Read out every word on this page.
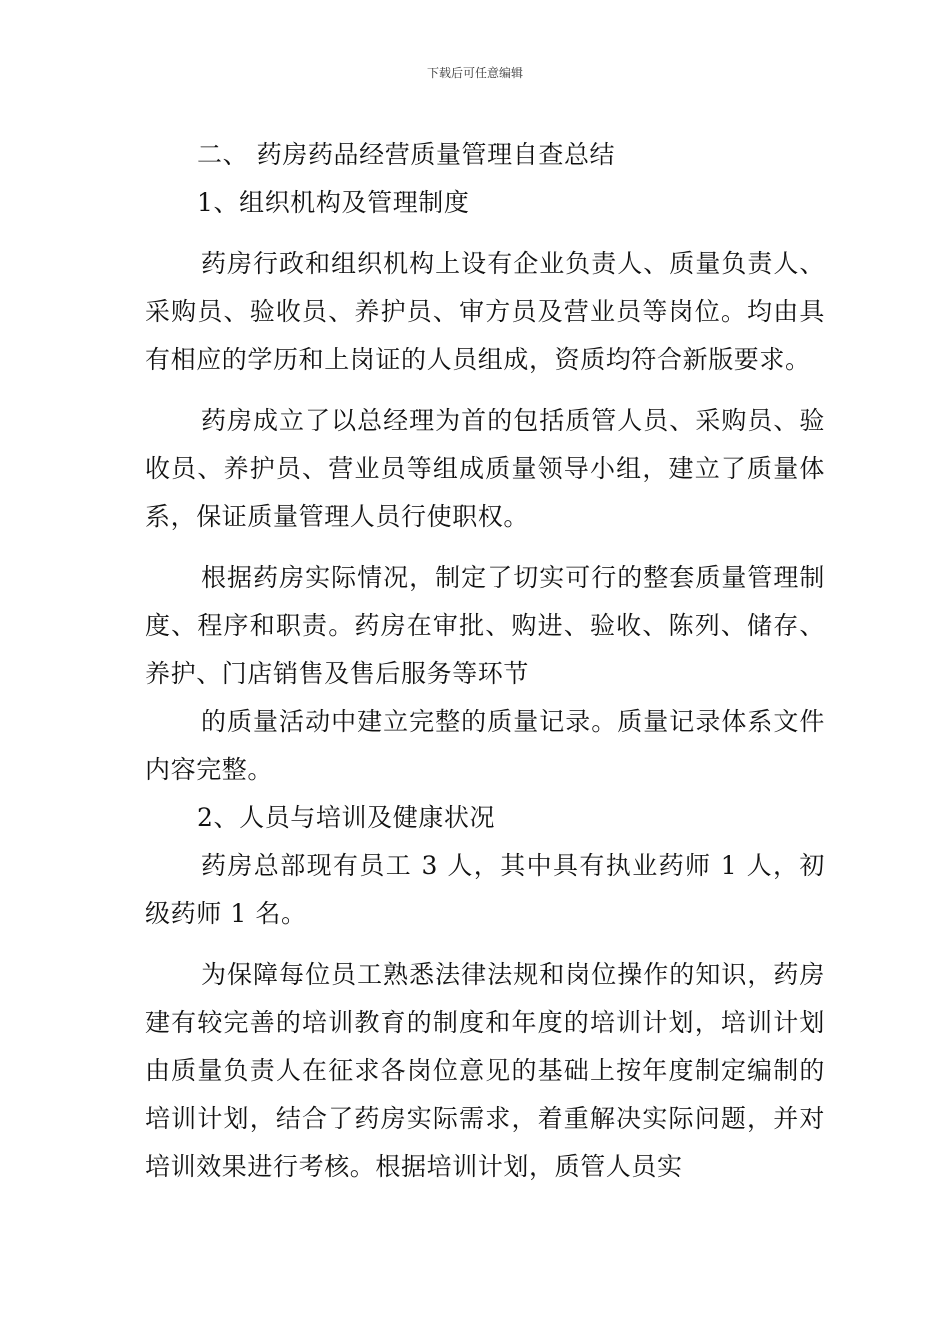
下载后可任意编辑

二、 药房药品经营质量管理自查总结

1、组织机构及管理制度

药房行政和组织机构上设有企业负责人、质量负责人、采购员、验收员、养护员、审方员及营业员等岗位。均由具有相应的学历和上岗证的人员组成，资质均符合新版要求。

药房成立了以总经理为首的包括质管人员、采购员、验收员、养护员、营业员等组成质量领导小组，建立了质量体系，保证质量管理人员行使职权。

根据药房实际情况，制定了切实可行的整套质量管理制度、程序和职责。药房在审批、购进、验收、陈列、储存、养护、门店销售及售后服务等环节

的质量活动中建立完整的质量记录。质量记录体系文件内容完整。

2、人员与培训及健康状况

药房总部现有员工 3 人，其中具有执业药师 1 人，初级药师 1 名。

为保障每位员工熟悉法律法规和岗位操作的知识，药房建有较完善的培训教育的制度和年度的培训计划，培训计划由质量负责人在征求各岗位意见的基础上按年度制定编制的培训计划，结合了药房实际需求，着重解决实际问题，并对培训效果进行考核。根据培训计划，质管人员实
